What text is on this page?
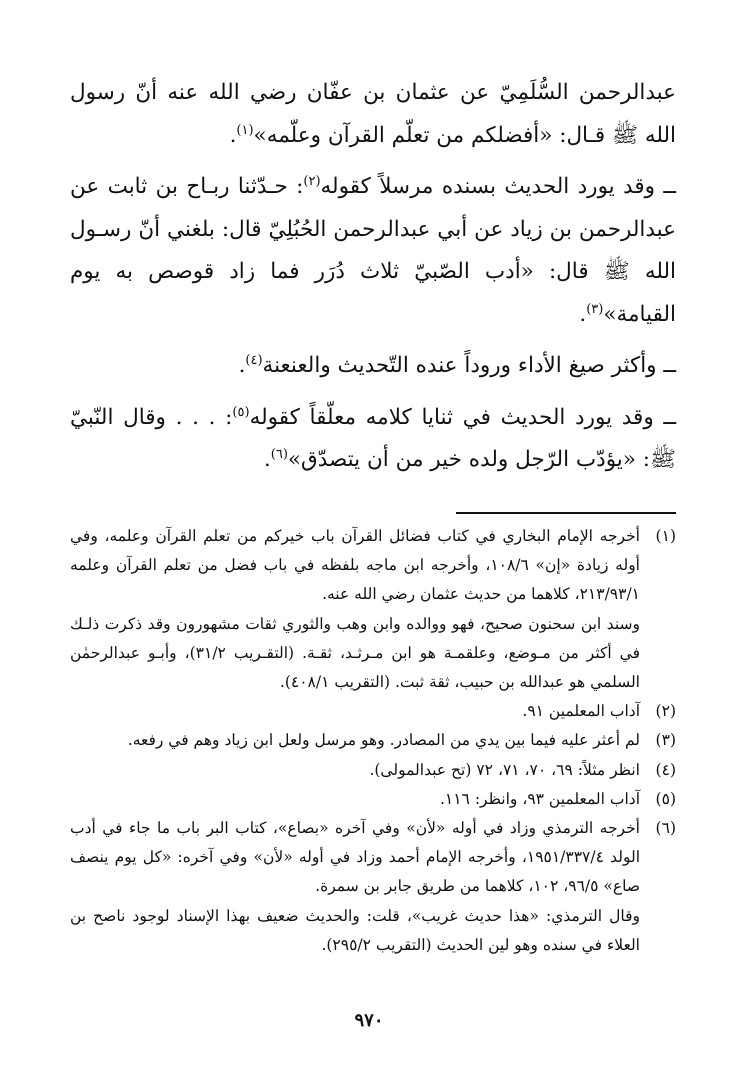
عبدالرحمن السُّلَمِيّ عن عثمان بن عفّان رضي الله عنه أنّ رسول الله ﷺ قـال: «أفضلكم من تعلّم القرآن وعلّمه»$^{(١)}$.

ــ وقد يورد الحديث بسنده مرسلاً كقوله$^{(٢)}$: حـدّثنا ربـاح بن ثابت عن عبدالرحمن بن زياد عن أبي عبدالرحمن الحُبُلِيّ قال: بلغني أنّ رسـول الله ﷺ قال: «أدب الصّبيّ ثلاث دُرَر فما زاد قوصص به يوم القيامة»$^{(٣)}$.

ــ وأكثر صيغ الأداء وروداً عنده التّحديث والعنعنة$^{(٤)}$.

ــ وقد يورد الحديث في ثنايا كلامه معلّقاً كقوله$^{(٥)}$: . . . وقال النّبيّ ﷺ: «يؤدّب الرّجل ولده خير من أن يتصدّق»$^{(٦)}$.

(١)

أخرجه الإمام البخاري في كتاب فضائل القرآن باب خيركم من تعلم القرآن وعلمه، وفي أوله زيادة «إن» ١٠٨/٦، وأخرجه ابن ماجه بلفظه في باب فضل من تعلم القرآن وعلمه ٢١٣/٩٣/١، كلاهما من حديث عثمان رضي الله عنه.

وسند ابن سحنون صحيح، فهو ووالده وابن وهب والثوري ثقات مشهورون وقد ذكرت ذلـك في أكثر من مـوضع، وعلقمـة هو ابن مـرثـد، ثقـة. (التقـريب ٣١/٢)، وأبـو عبدالرحمٰن السلمي هو عبدالله بن حبيب، ثقة ثبت. (التقريب ٤٠٨/١).

(٢)

آداب المعلمين ٩١.

(٣)

لم أعثر عليه فيما بين يدي من المصادر. وهو مرسل ولعل ابن زياد وهم في رفعه.

(٤)

انظر مثلاً: ٦٩، ٧٠، ٧١، ٧٢ (تح عبدالمولى).

(٥)

آداب المعلمين ٩٣، وانظر: ١١٦.

(٦)

أخرجه الترمذي وزاد في أوله «لأن» وفي آخره «بصاع»، كتاب البر باب ما جاء في أدب الولد ١٩٥١/٣٣٧/٤، وأخرجه الإمام أحمد وزاد في أوله «لأن» وفي آخره: «كل يوم ينصف صاع» ٩٦/٥، ١٠٢، كلاهما من طريق جابر بن سمرة.

وقال الترمذي: «هذا حديث غريب»، قلت: والحديث ضعيف بهذا الإسناد لوجود ناصح بن العلاء في سنده وهو لين الحديث (التقريب ٢٩٥/٢).

٩٧٠
